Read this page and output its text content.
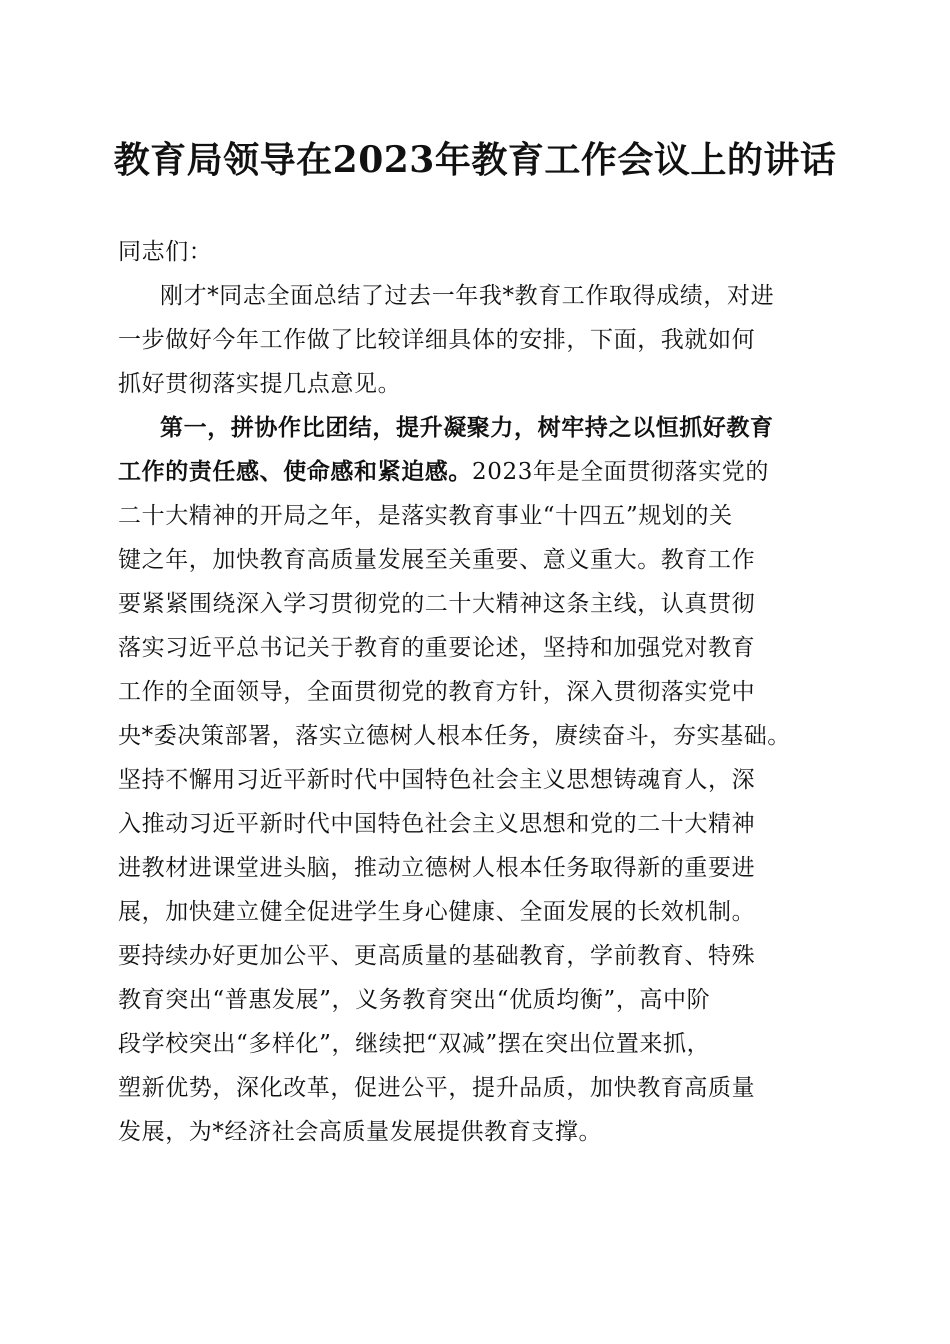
教育局领导在2023年教育工作会议上的讲话
同志们：
刚才*同志全面总结了过去一年我*教育工作取得成绩，对进
一步做好今年工作做了比较详细具体的安排，下面，我就如何
抓好贯彻落实提几点意见。
第一，拼协作比团结，提升凝聚力，树牢持之以恒抓好教育
工作的责任感、使命感和紧迫感。2023年是全面贯彻落实党的
二十大精神的开局之年，是落实教育事业“十四五”规划的关
键之年，加快教育高质量发展至关重要、意义重大。教育工作
要紧紧围绕深入学习贯彻党的二十大精神这条主线，认真贯彻
落实习近平总书记关于教育的重要论述，坚持和加强党对教育
工作的全面领导，全面贯彻党的教育方针，深入贯彻落实党中
央*委决策部署，落实立德树人根本任务，赓续奋斗，夯实基础。
坚持不懈用习近平新时代中国特色社会主义思想铸魂育人，深
入推动习近平新时代中国特色社会主义思想和党的二十大精神
进教材进课堂进头脑，推动立德树人根本任务取得新的重要进
展，加快建立健全促进学生身心健康、全面发展的长效机制。
要持续办好更加公平、更高质量的基础教育，学前教育、特殊
教育突出“普惠发展”，义务教育突出“优质均衡”，高中阶
段学校突出“多样化”，继续把“双减”摆在突出位置来抓，
塑新优势，深化改革，促进公平，提升品质，加快教育高质量
发展，为*经济社会高质量发展提供教育支撑。
